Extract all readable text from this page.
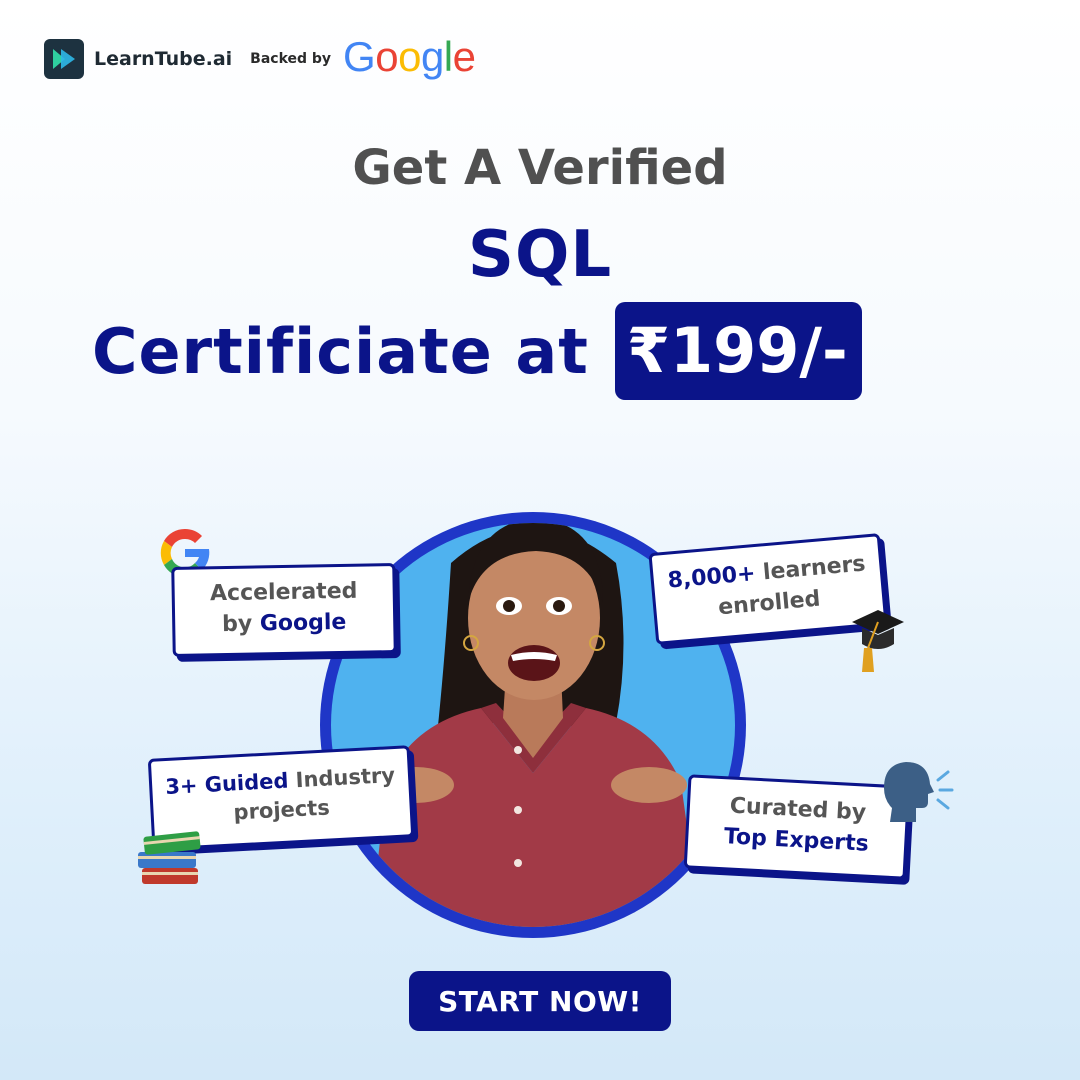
LearnTube.ai Backed by Google
Get A Verified
SQL
Certificiate at ₹199/-
Accelerated
by Google
8,000+ learners
enrolled
3+ Guided Industry
projects	Curated by
Top Experts
START NOW!
